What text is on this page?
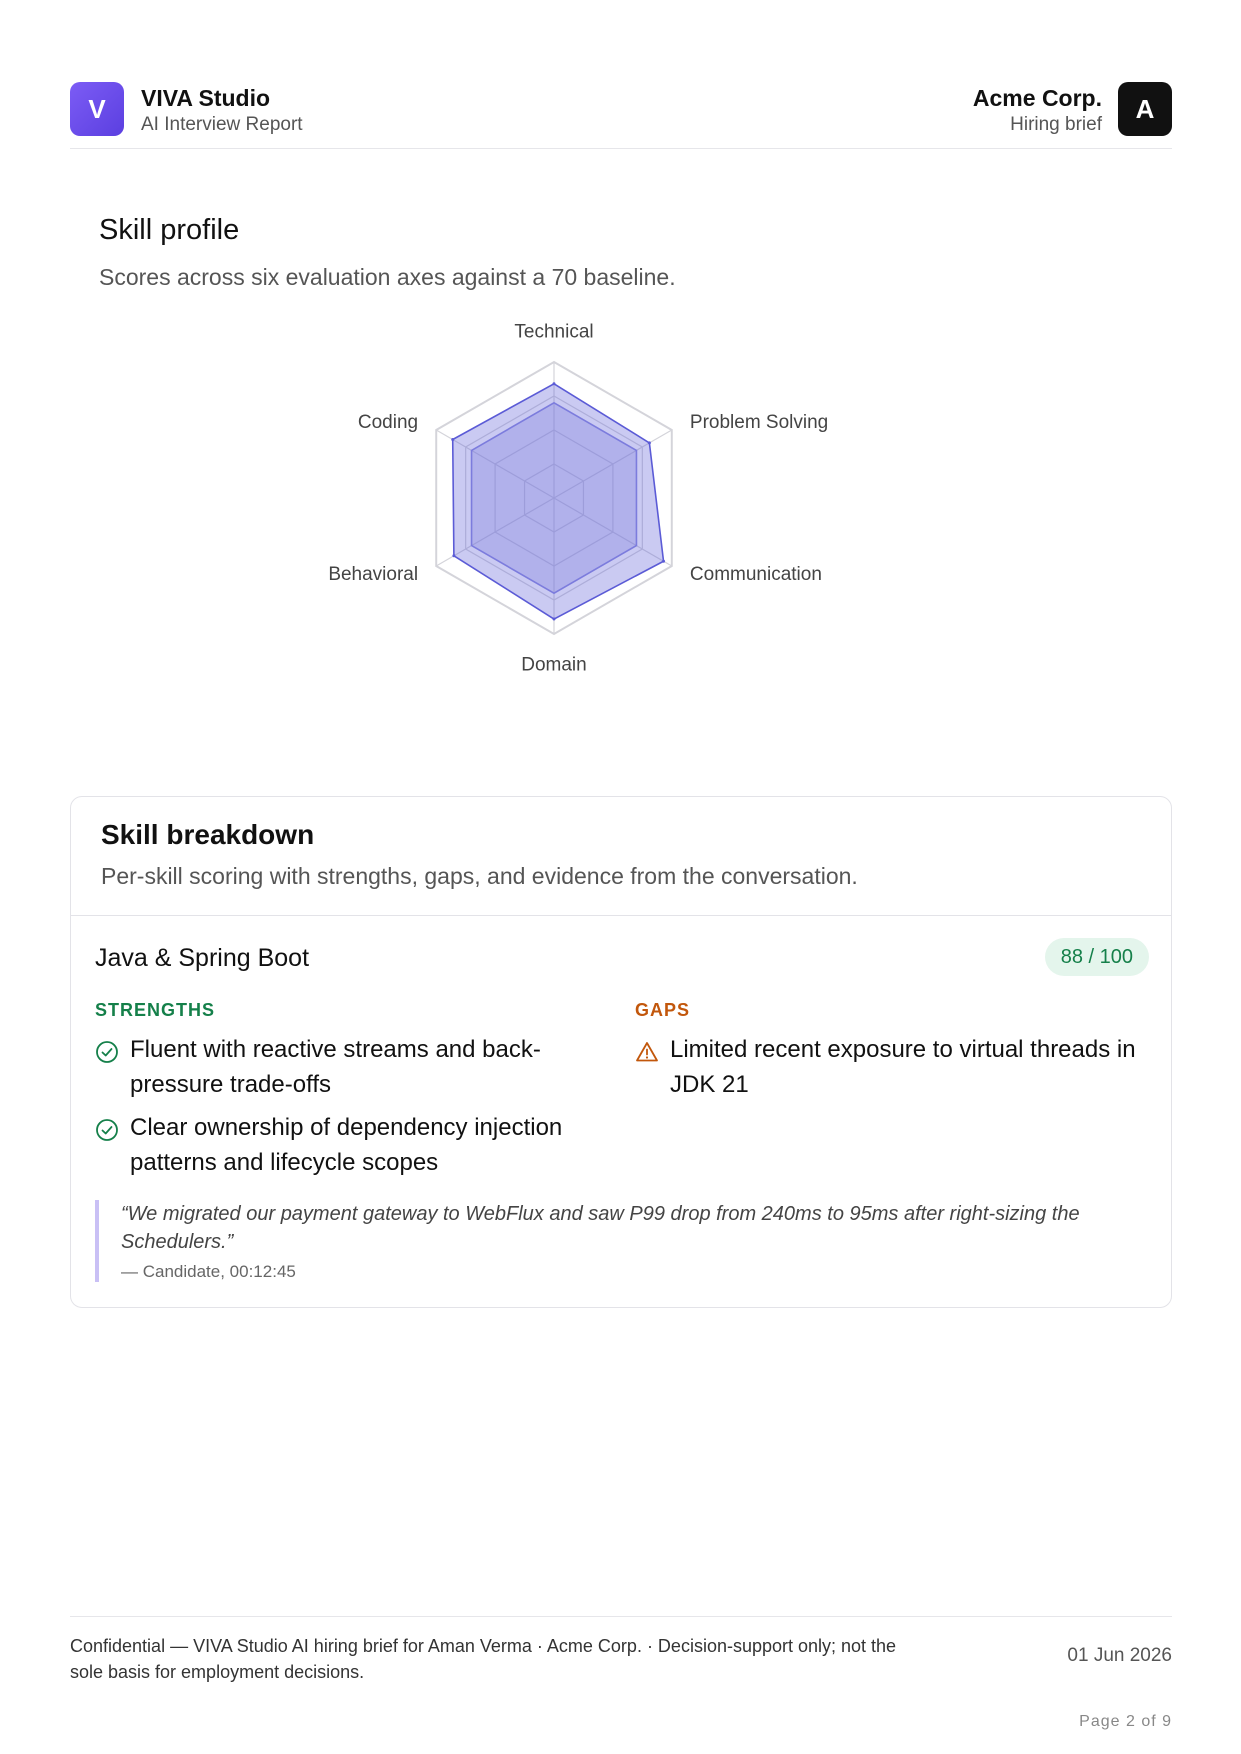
V	VIVA Studio
AI Interview Report
Acme Corp.
Hiring brief
A
Skill profile
Scores across six evaluation axes against a 70 baseline.
Technical
Problem Solving
Communication
Domain
Behavioral
Coding
Skill breakdown
Per-skill scoring with strengths, gaps, and evidence from the conversation.
Java & Spring Boot	88 / 100
STRENGTHS	GAPS
Fluent with reactive streams and back-pressure trade-offs
Clear ownership of dependency injection patterns and lifecycle scopes
Limited recent exposure to virtual threads in JDK 21
“We migrated our payment gateway to WebFlux and saw P99 drop from 240ms to 95ms after right-sizing the Schedulers.”
— Candidate, 00:12:45
Confidential — VIVA Studio AI hiring brief for Aman Verma · Acme Corp. · Decision-support only; not the sole basis for employment decisions.
01 Jun 2026
Page 2 of 9
